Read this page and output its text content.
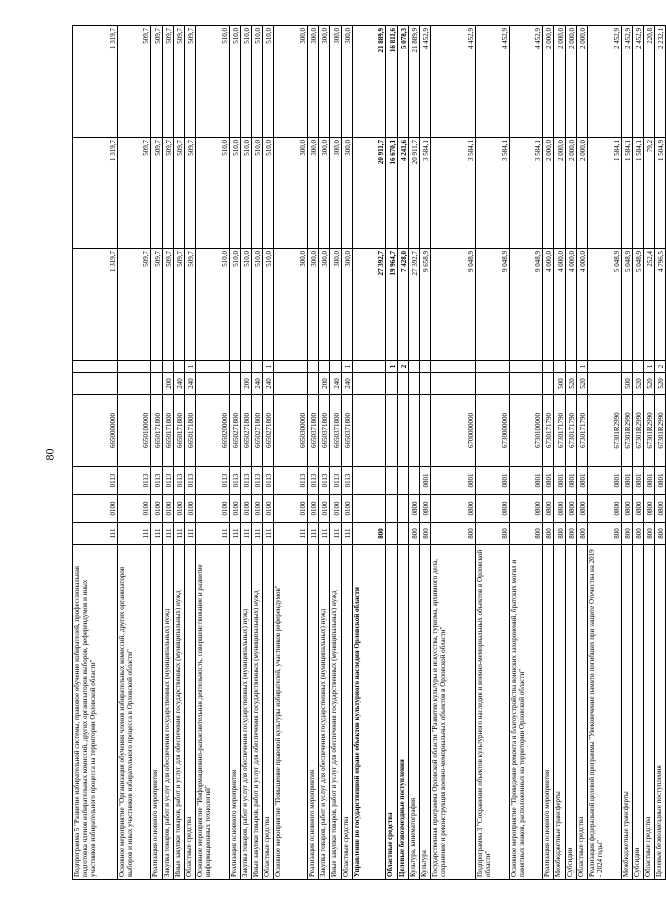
80
Подпрограмма 5 "Развитие избирательной системы, правовое обучение избирателей, профессиональная подготовка членов избирательных комиссий, других организаторов выборов, референдумов и иных участников избирательного процесса на территории Орловской области"	111	0100	0113	6650000000			1 319,7	1 319,7	1 319,7
Основное мероприятие "Организация обучения членов избирательных комиссий, других организаторов выборов и иных участников избирательного процесса в Орловской области"	111	0100	0113	6650100000			509,7	509,7	509,7
Реализация основного мероприятия	111	0100	0113	6650171800			509,7	509,7	509,7
Закупка товаров, работ и услуг для обеспечения государственных (муниципальных) нужд	111	0100	0113	6650171800	200		509,7	509,7	509,7
Иные закупки товаров, работ и услуг для обеспечения государственных (муниципальных) нужд	111	0100	0113	6650171800	240		509,7	509,7	509,7
Областные средства	111	0100	0113	6650171800	240	1	509,7	509,7	509,7
Основное мероприятие "Информационно-разъяснительная деятельность, совершенствование и развитие информационных технологий"	111	0100	0113	6650200000			510,0	510,0	510,0
Реализация основного мероприятия	111	0100	0113	6650271800			510,0	510,0	510,0
Закупка товаров, работ и услуг для обеспечения государственных (муниципальных) нужд	111	0100	0113	6650271800	200		510,0	510,0	510,0
Иные закупки товаров, работ и услуг для обеспечения государственных (муниципальных) нужд	111	0100	0113	6650271800	240		510,0	510,0	510,0
Областные средства	111	0100	0113	6650271800	240	1	510,0	510,0	510,0
Основное мероприятие "Повышение правовой культуры избирателей, участников референдумов"	111	0100	0113	6650300000			300,0	300,0	300,0
Реализация основного мероприятия	111	0100	0113	6650371800			300,0	300,0	300,0
Закупка товаров, работ и услуг для обеспечения государственных (муниципальных) нужд	111	0100	0113	6650371800	200		300,0	300,0	300,0
Иные закупки товаров, работ и услуг для обеспечения государственных (муниципальных) нужд	111	0100	0113	6650371800	240		300,0	300,0	300,0
Областные средства	111	0100	0113	6650371800	240	1	300,0	300,0	300,0
Управление по государственной охране объектов культурного наследия Орловской области	800						27 392,7	20 911,7	21 889,9
Областные средства						1	19 964,7	16 670,1	16 811,6
Целевые безвозмездные поступления						2	7 428,0	4 241,6	5 078,3
Культура, кинематография	800	0800					27 392,7	20 911,7	21 889,9
Культура	800	0800	0801				9 658,9	3 584,1	4 452,9
Государственная программа Орловской области "Развитие культуры и искусства, туризма, архивного дела, сохранение и реконструкция военно-мемориальных объектов в Орловской области"	800	0800	0801	6700000000			9 048,9	3 584,1	4 452,9
Подпрограмма 3 "Сохранение объектов культурного наследия и военно-мемориальных объектов в Орловской области"	800	0800	0801	6730000000			9 048,9	3 584,1	4 452,9
Основное мероприятие "Проведение ремонта и благоустройства воинских захоронений, братских могил и памятных знаков, расположенных на территории Орловской области"	800	0800	0801	6730100000			9 048,9	3 584,1	4 452,9
Реализация основного мероприятия	800	0800	0801	6730171790			4 000,0	2 000,0	2 000,0
Межбюджетные трансферты	800	0800	0801	6730171790	500		4 000,0	2 000,0	2 000,0
Субсидии	800	0800	0801	6730171790	520		4 000,0	2 000,0	2 000,0
Областные средства	800	0800	0801	6730171790	520	1	4 000,0	2 000,0	2 000,0
Реализация федеральной целевой программы "Увековечение памяти погибших при защите Отечества на 2019 - 2024 годы"	800	0800	0801	67301R2990			5 048,9	1 584,1	2 452,9
Межбюджетные трансферты	800	0800	0801	67301R2990	500		5 048,9	1 584,1	2 452,9
Субсидии	800	0800	0801	67301R2990	520		5 048,9	1 584,1	2 452,9
Областные средства	800	0800	0801	67301R2990	520	1	252,4	79,2	220,8
Целевые безвозмездные поступления	800	0800	0801	67301R2990	520	2	4 796,5	1 504,9	2 232,1
